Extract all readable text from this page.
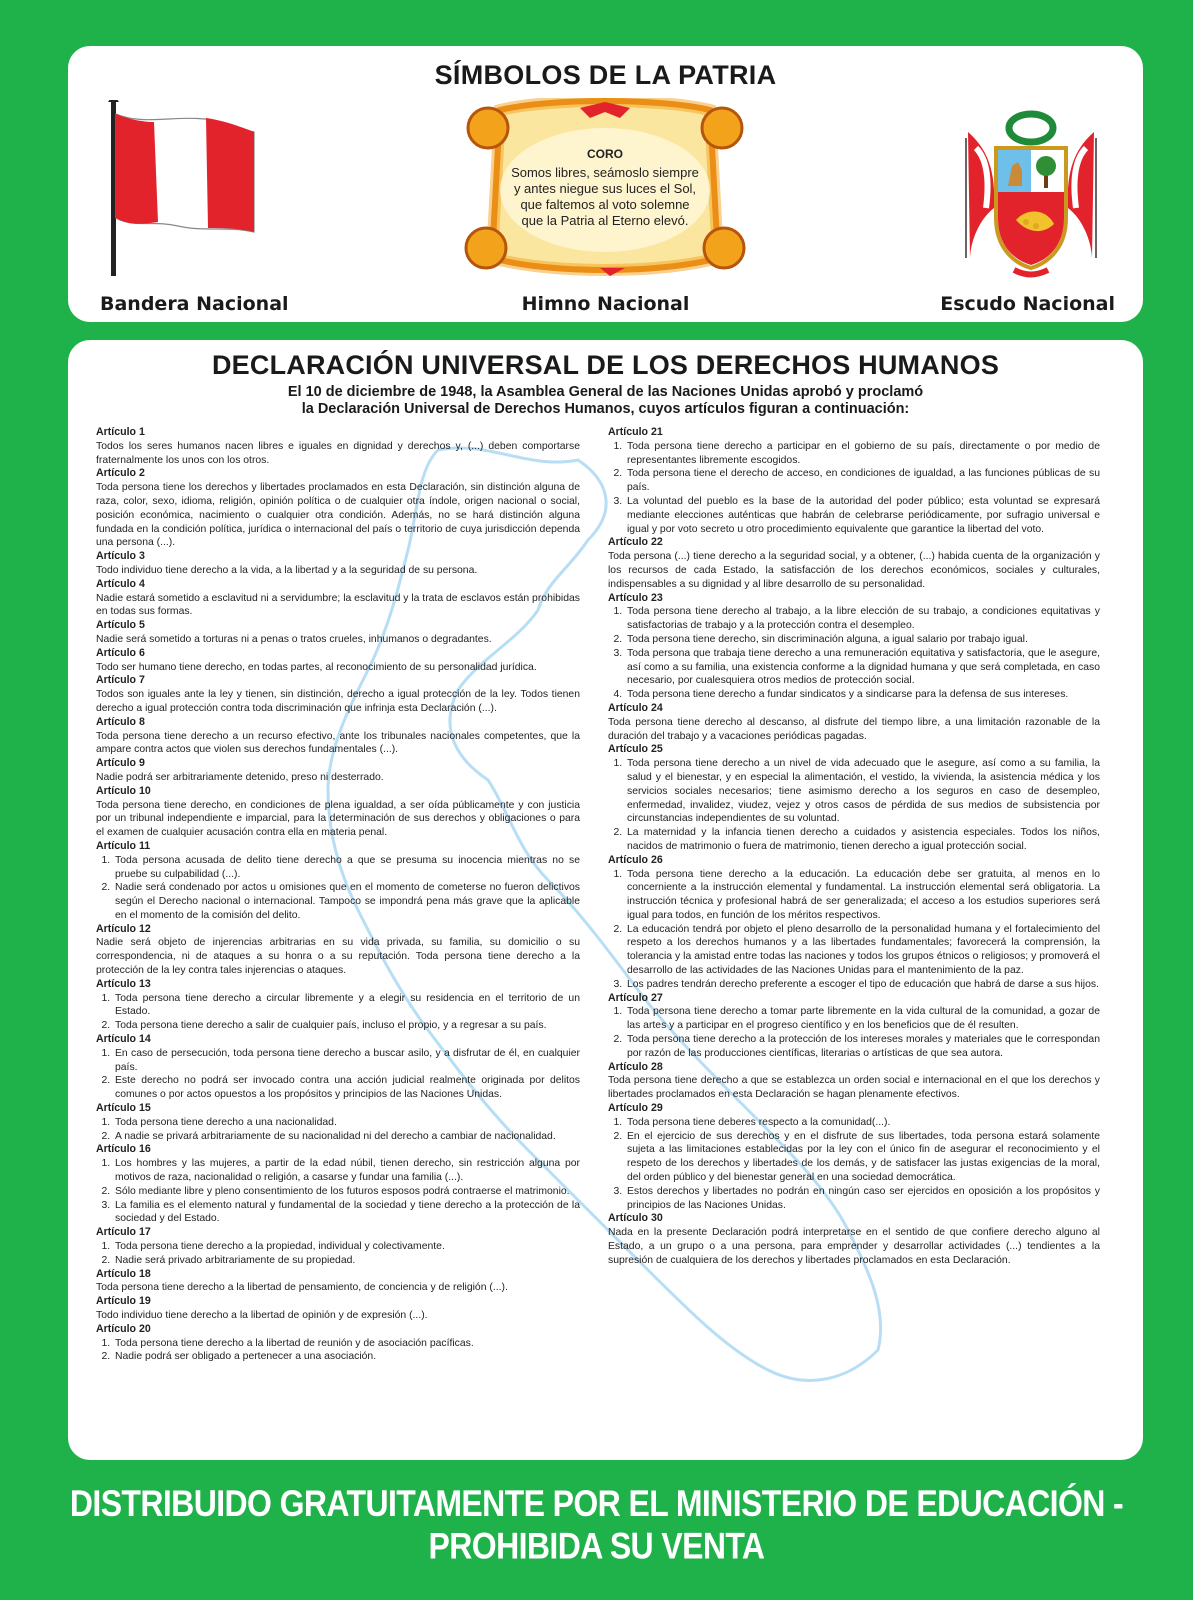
SÍMBOLOS DE LA PATRIA
CORO
Somos libres, seámoslo siempre
y antes niegue sus luces el Sol,
que faltemos al voto solemne
que la Patria al Eterno elevó.
Bandera Nacional	Himno Nacional	Escudo Nacional
DECLARACIÓN UNIVERSAL DE LOS DERECHOS HUMANOS
El 10 de diciembre de 1948, la Asamblea General de las Naciones Unidas aprobó y proclamó
la Declaración Universal de Derechos Humanos, cuyos artículos figuran a continuación:
Artículo 1

Todos los seres humanos nacen libres e iguales en dignidad y derechos y, (...) deben comportarse fraternalmente los unos con los otros.

Artículo 2

Toda persona tiene los derechos y libertades proclamados en esta Declaración, sin distinción alguna de raza, color, sexo, idioma, religión, opinión política o de cualquier otra índole, origen nacional o social, posición económica, nacimiento o cualquier otra condición. Además, no se hará distinción alguna fundada en la condición política, jurídica o internacional del país o territorio de cuya jurisdicción dependa una persona (...).

Artículo 3

Todo individuo tiene derecho a la vida, a la libertad y a la seguridad de su persona.

Artículo 4

Nadie estará sometido a esclavitud ni a servidumbre; la esclavitud y la trata de esclavos están prohibidas en todas sus formas.

Artículo 5

Nadie será sometido a torturas ni a penas o tratos crueles, inhumanos o degradantes.

Artículo 6

Todo ser humano tiene derecho, en todas partes, al reconocimiento de su personalidad jurídica.

Artículo 7

Todos son iguales ante la ley y tienen, sin distinción, derecho a igual protección de la ley. Todos tienen derecho a igual protección contra toda discriminación que infrinja esta Declaración (...).

Artículo 8

Toda persona tiene derecho a un recurso efectivo, ante los tribunales nacionales competentes, que la ampare contra actos que violen sus derechos fundamentales (...).

Artículo 9

Nadie podrá ser arbitrariamente detenido, preso ni desterrado.

Artículo 10

Toda persona tiene derecho, en condiciones de plena igualdad, a ser oída públicamente y con justicia por un tribunal independiente e imparcial, para la determinación de sus derechos y obligaciones o para el examen de cualquier acusación contra ella en materia penal.

Artículo 11
1. Toda persona acusada de delito tiene derecho a que se presuma su inocencia mientras no se pruebe su culpabilidad (...).
2. Nadie será condenado por actos u omisiones que en el momento de cometerse no fueron delictivos según el Derecho nacional o internacional. Tampoco se impondrá pena más grave que la aplicable en el momento de la comisión del delito.
Artículo 12

Nadie será objeto de injerencias arbitrarias en su vida privada, su familia, su domicilio o su correspondencia, ni de ataques a su honra o a su reputación. Toda persona tiene derecho a la protección de la ley contra tales injerencias o ataques.

Artículo 13
1. Toda persona tiene derecho a circular libremente y a elegir su residencia en el territorio de un Estado.
2. Toda persona tiene derecho a salir de cualquier país, incluso el propio, y a regresar a su país.
Artículo 14
1. En caso de persecución, toda persona tiene derecho a buscar asilo, y a disfrutar de él, en cualquier país.
2. Este derecho no podrá ser invocado contra una acción judicial realmente originada por delitos comunes o por actos opuestos a los propósitos y principios de las Naciones Unidas.
Artículo 15
1. Toda persona tiene derecho a una nacionalidad.
2. A nadie se privará arbitrariamente de su nacionalidad ni del derecho a cambiar de nacionalidad.
Artículo 16
1. Los hombres y las mujeres, a partir de la edad núbil, tienen derecho, sin restricción alguna por motivos de raza, nacionalidad o religión, a casarse y fundar una familia (...).
2. Sólo mediante libre y pleno consentimiento de los futuros esposos podrá contraerse el matrimonio.
3. La familia es el elemento natural y fundamental de la sociedad y tiene derecho a la protección de la sociedad y del Estado.
Artículo 17
1. Toda persona tiene derecho a la propiedad, individual y colectivamente.
2. Nadie será privado arbitrariamente de su propiedad.
Artículo 18

Toda persona tiene derecho a la libertad de pensamiento, de conciencia y de religión (...).

Artículo 19

Todo individuo tiene derecho a la libertad de opinión y de expresión (...).

Artículo 20
1. Toda persona tiene derecho a la libertad de reunión y de asociación pacíficas.
2. Nadie podrá ser obligado a pertenecer a una asociación.
Artículo 21
1. Toda persona tiene derecho a participar en el gobierno de su país, directamente o por medio de representantes libremente escogidos.
2. Toda persona tiene el derecho de acceso, en condiciones de igualdad, a las funciones públicas de su país.
3. La voluntad del pueblo es la base de la autoridad del poder público; esta voluntad se expresará mediante elecciones auténticas que habrán de celebrarse periódicamente, por sufragio universal e igual y por voto secreto u otro procedimiento equivalente que garantice la libertad del voto.
Artículo 22

Toda persona (...) tiene derecho a la seguridad social, y a obtener, (...) habida cuenta de la organización y los recursos de cada Estado, la satisfacción de los derechos económicos, sociales y culturales, indispensables a su dignidad y al libre desarrollo de su personalidad.

Artículo 23
1. Toda persona tiene derecho al trabajo, a la libre elección de su trabajo, a condiciones equitativas y satisfactorias de trabajo y a la protección contra el desempleo.
2. Toda persona tiene derecho, sin discriminación alguna, a igual salario por trabajo igual.
3. Toda persona que trabaja tiene derecho a una remuneración equitativa y satisfactoria, que le asegure, así como a su familia, una existencia conforme a la dignidad humana y que será completada, en caso necesario, por cualesquiera otros medios de protección social.
4. Toda persona tiene derecho a fundar sindicatos y a sindicarse para la defensa de sus intereses.
Artículo 24

Toda persona tiene derecho al descanso, al disfrute del tiempo libre, a una limitación razonable de la duración del trabajo y a vacaciones periódicas pagadas.

Artículo 25
1. Toda persona tiene derecho a un nivel de vida adecuado que le asegure, así como a su familia, la salud y el bienestar, y en especial la alimentación, el vestido, la vivienda, la asistencia médica y los servicios sociales necesarios; tiene asimismo derecho a los seguros en caso de desempleo, enfermedad, invalidez, viudez, vejez y otros casos de pérdida de sus medios de subsistencia por circunstancias independientes de su voluntad.
2. La maternidad y la infancia tienen derecho a cuidados y asistencia especiales. Todos los niños, nacidos de matrimonio o fuera de matrimonio, tienen derecho a igual protección social.
Artículo 26
1. Toda persona tiene derecho a la educación. La educación debe ser gratuita, al menos en lo concerniente a la instrucción elemental y fundamental. La instrucción elemental será obligatoria. La instrucción técnica y profesional habrá de ser generalizada; el acceso a los estudios superiores será igual para todos, en función de los méritos respectivos.
2. La educación tendrá por objeto el pleno desarrollo de la personalidad humana y el fortalecimiento del respeto a los derechos humanos y a las libertades fundamentales; favorecerá la comprensión, la tolerancia y la amistad entre todas las naciones y todos los grupos étnicos o religiosos; y promoverá el desarrollo de las actividades de las Naciones Unidas para el mantenimiento de la paz.
3. Los padres tendrán derecho preferente a escoger el tipo de educación que habrá de darse a sus hijos.
Artículo 27
1. Toda persona tiene derecho a tomar parte libremente en la vida cultural de la comunidad, a gozar de las artes y a participar en el progreso científico y en los beneficios que de él resulten.
2. Toda persona tiene derecho a la protección de los intereses morales y materiales que le correspondan por razón de las producciones científicas, literarias o artísticas de que sea autora.
Artículo 28

Toda persona tiene derecho a que se establezca un orden social e internacional en el que los derechos y libertades proclamados en esta Declaración se hagan plenamente efectivos.

Artículo 29
1. Toda persona tiene deberes respecto a la comunidad(...).
2. En el ejercicio de sus derechos y en el disfrute de sus libertades, toda persona estará solamente sujeta a las limitaciones establecidas por la ley con el único fin de asegurar el reconocimiento y el respeto de los derechos y libertades de los demás, y de satisfacer las justas exigencias de la moral, del orden público y del bienestar general en una sociedad democrática.
3. Estos derechos y libertades no podrán en ningún caso ser ejercidos en oposición a los propósitos y principios de las Naciones Unidas.
Artículo 30

Nada en la presente Declaración podrá interpretarse en el sentido de que confiere derecho alguno al Estado, a un grupo o a una persona, para emprender y desarrollar actividades (...) tendientes a la supresión de cualquiera de los derechos y libertades proclamados en esta Declaración.

DISTRIBUIDO GRATUITAMENTE POR EL MINISTERIO DE EDUCACIÓN - PROHIBIDA SU VENTA
